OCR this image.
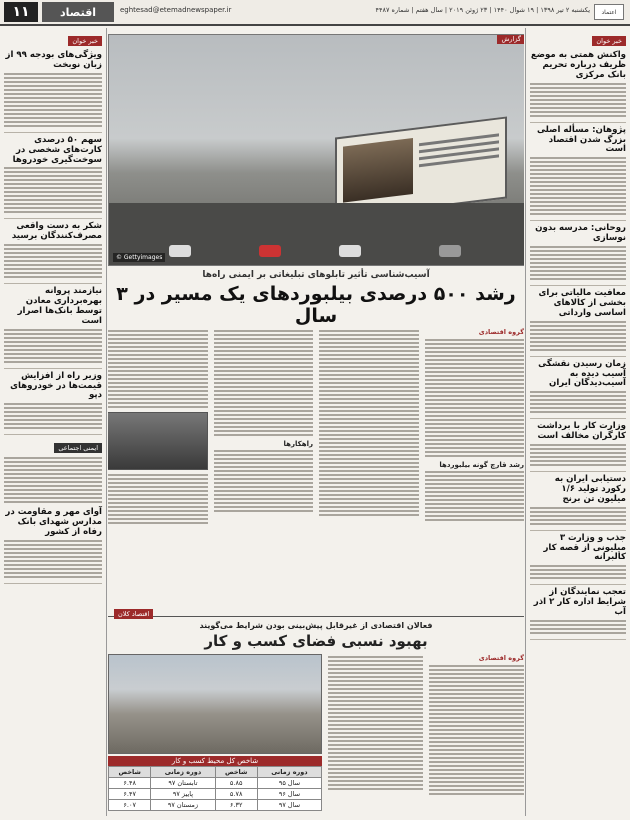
۱۱	اقتصاد	eghtesad@etemadnewspaper.ir	یکشنبه ۲ تیر ۱۳۹۸ | ۱۹ شوال ۱۴۴۰ | ۲۳ ژوئن ۲۰۱۹ | سال هفتم | شماره ۴۴۸۷	اعتماد
خبر خوان
واکنش همتی به موضع ظریف درباره تحریم بانک مرکزی
پژوهان: مسأله اصلی بزرگ شدن اقتصاد است
روحانی: مدرسه بدون نوسازی
معافیت مالیاتی برای بخشی از کالاهای اساسی وارداتی
زمان رسیدن نقشگی آسیب دیده به آسیب‌دیدگان ایران
وزارت کار با برداشت کارگران مخالف است
دستیابی ایران به رکورد تولید ۱/۶ میلیون تن برنج
جذب و وزارت ۳ میلیونی از قصه کار کالبرانه
تعجب نمایندگان از شرایط اداره کار ۲ اذر آب
خبر خوان
ویژگی‌های بودجه ۹۹ از زبان نوبخت
سهم ۵۰ درصدی کارت‌های شخصی در سوخت‌گیری خودروها
شکر به دست واقعی مصرف‌کنندگان برسید
نیازمند پروانه بهره‌برداری معادن توسط بانک‌ها اصرار است
وزیر راه از افزایش قیمت‌ها در خودروهای دپو
ایمنی اجتماعی
آوای مهر و مقاومت در مدارس شهدای بانک رفاه از کشور
گزارش
© Gettyimages
آسیب‌شناسی تأثیر تابلوهای تبلیغاتی بر ایمنی راه‌ها
رشد ۵۰۰ درصدی بیلبوردهای یک مسیر در ۳ سال
گروه اقتصادی
رشد قارچ گونه بیلبوردها
راهکارها
اقتصاد کلان
فعالان اقتصادی از غیرقابل پیش‌بینی بودن شرایط می‌گویند
بهبود نسبی فضای کسب و کار
گروه اقتصادی
شاخص کل محیط کسب و کار
دوره زمانی	شاخص	دوره زمانی	شاخص
سال ۹۵	۵.۸۵	تابستان ۹۷	۶.۴۸
سال ۹۶	۵.۷۸	پاییز ۹۷	۶.۴۷
سال ۹۷	۶.۳۲	زمستان ۹۷	۶.۰۷
